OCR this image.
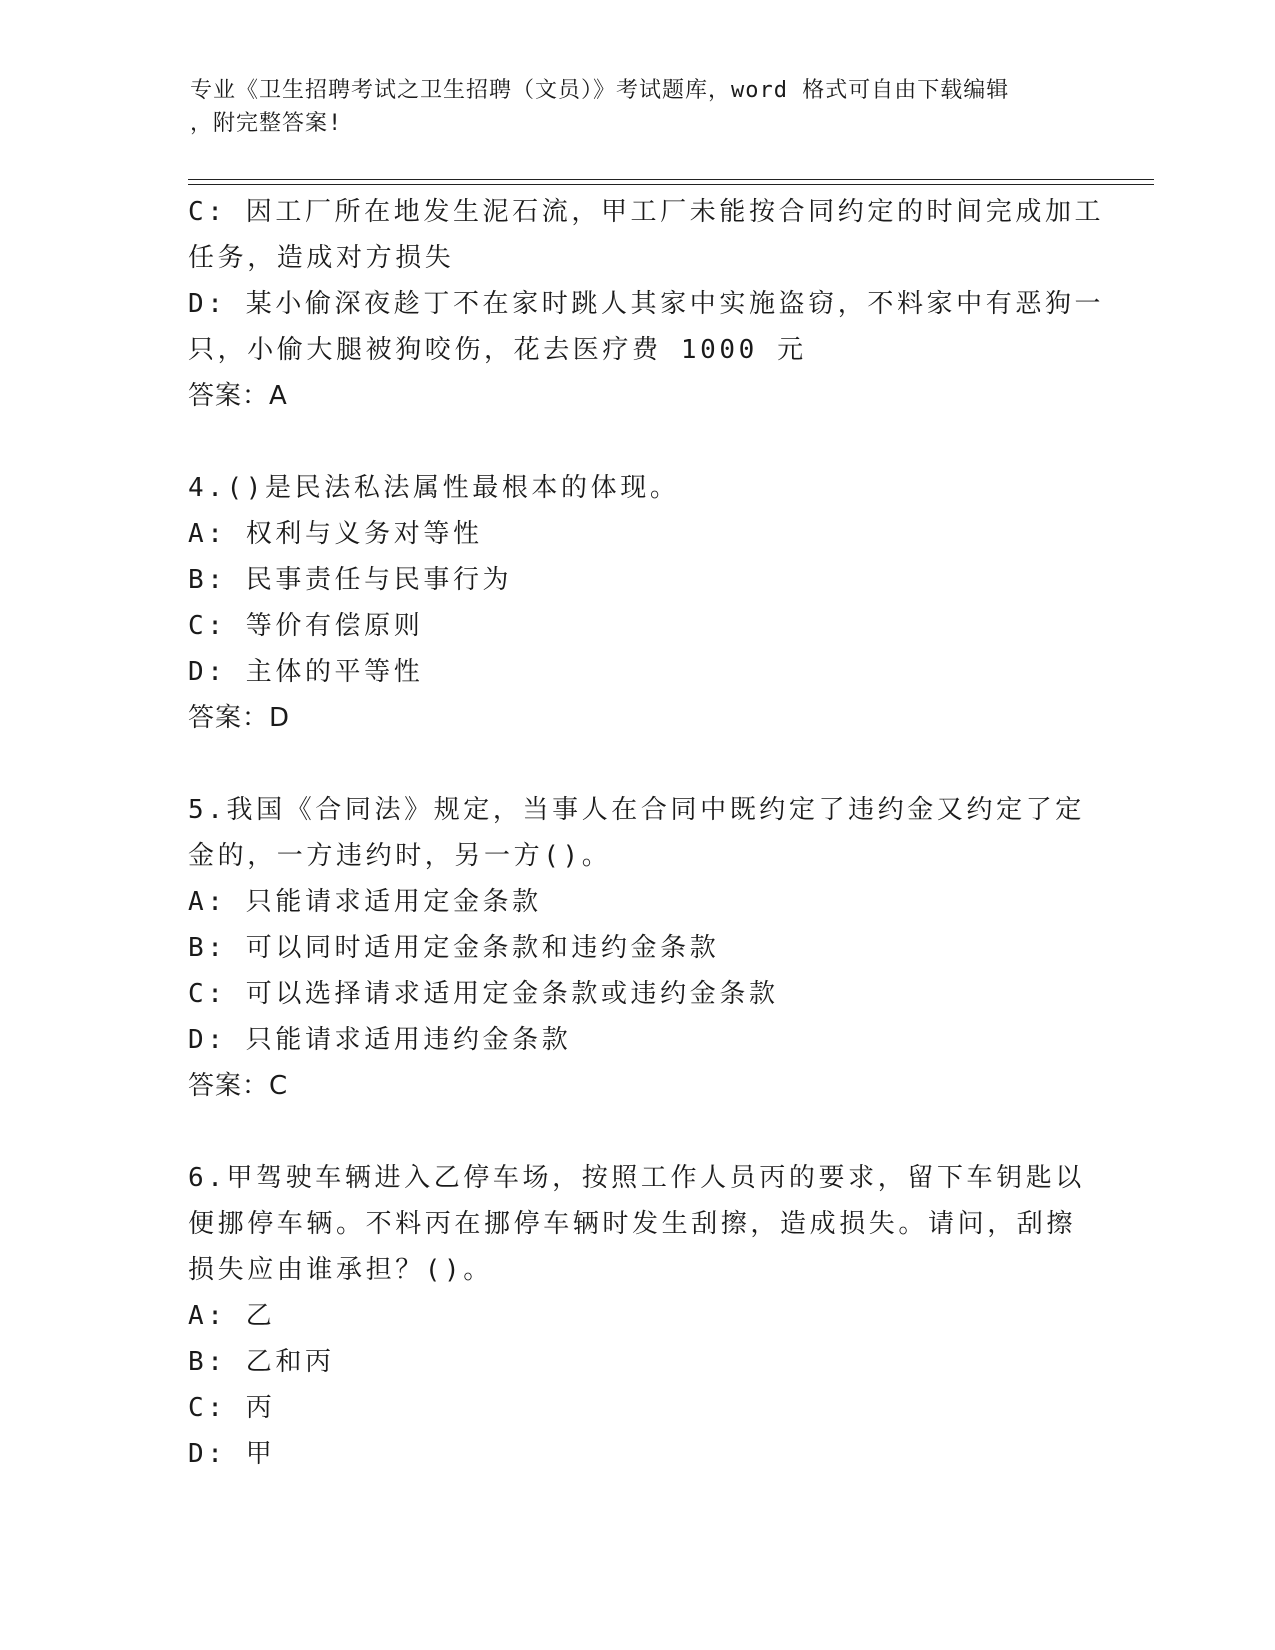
专业《卫生招聘考试之卫生招聘（文员）》考试题库，word 格式可自由下载编辑
，附完整答案!
C: 因工厂所在地发生泥石流，甲工厂未能按合同约定的时间完成加工
任务，造成对方损失
D: 某小偷深夜趁丁不在家时跳人其家中实施盗窃，不料家中有恶狗一
只，小偷大腿被狗咬伤，花去医疗费 1000 元
答案：A
4.()是民法私法属性最根本的体现。
A: 权利与义务对等性
B: 民事责任与民事行为
C: 等价有偿原则
D: 主体的平等性
答案：D
5.我国《合同法》规定，当事人在合同中既约定了违约金又约定了定
金的，一方违约时，另一方()。
A: 只能请求适用定金条款
B: 可以同时适用定金条款和违约金条款
C: 可以选择请求适用定金条款或违约金条款
D: 只能请求适用违约金条款
答案：C
6.甲驾驶车辆进入乙停车场，按照工作人员丙的要求，留下车钥匙以
便挪停车辆。不料丙在挪停车辆时发生刮擦，造成损失。请问，刮擦
损失应由谁承担？()。
A: 乙
B: 乙和丙
C: 丙
D: 甲
